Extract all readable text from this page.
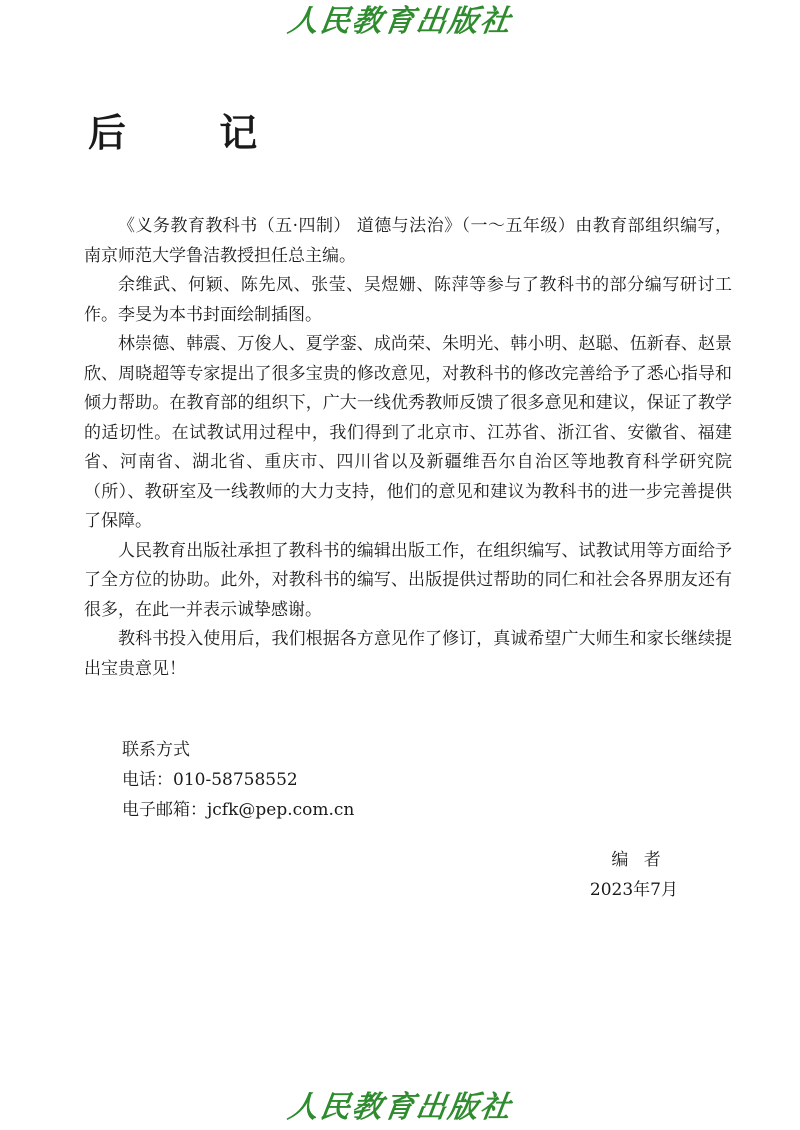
人民教育出版社
后 记

《义务教育教科书（五·四制） 道德与法治》（一～五年级）由教育部组织编写，南京师范大学鲁洁教授担任总主编。

余维武、何颖、陈先凤、张莹、吴煜姗、陈萍等参与了教科书的部分编写研讨工作。李旻为本书封面绘制插图。

林崇德、韩震、万俊人、夏学銮、成尚荣、朱明光、韩小明、赵聪、伍新春、赵景欣、周晓超等专家提出了很多宝贵的修改意见，对教科书的修改完善给予了悉心指导和倾力帮助。在教育部的组织下，广大一线优秀教师反馈了很多意见和建议，保证了教学的适切性。在试教试用过程中，我们得到了北京市、江苏省、浙江省、安徽省、福建省、河南省、湖北省、重庆市、四川省以及新疆维吾尔自治区等地教育科学研究院（所）、教研室及一线教师的大力支持，他们的意见和建议为教科书的进一步完善提供了保障。

人民教育出版社承担了教科书的编辑出版工作，在组织编写、试教试用等方面给予了全方位的协助。此外，对教科书的编写、出版提供过帮助的同仁和社会各界朋友还有很多，在此一并表示诚挚感谢。

教科书投入使用后，我们根据各方意见作了修订，真诚希望广大师生和家长继续提出宝贵意见！

联系方式
电话：010-58758552
电子邮箱：jcfk@pep.com.cn
编者
2023年7月
人民教育出版社
